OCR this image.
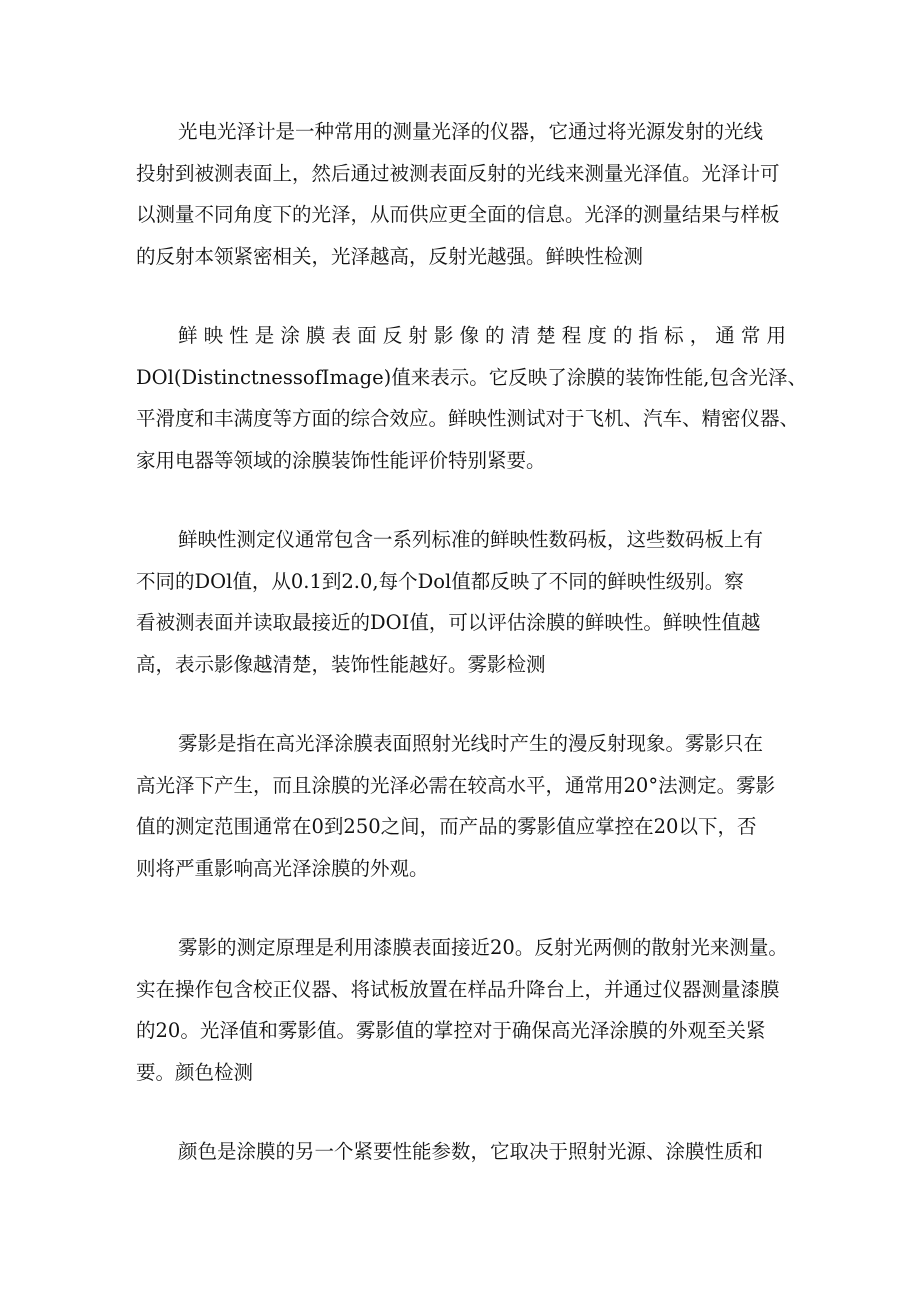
光电光泽计是一种常用的测量光泽的仪器，它通过将光源发射的光线
投射到被测表面上，然后通过被测表面反射的光线来测量光泽值。光泽计可
以测量不同角度下的光泽，从而供应更全面的信息。光泽的测量结果与样板
的反射本领紧密相关，光泽越高，反射光越强。鲜映性检测
鲜映性是涂膜表面反射影像的清楚程度的指标，通常用
DOl(DistinctnessofImage)值来表示。它反映了涂膜的装饰性能,包含光泽、
平滑度和丰满度等方面的综合效应。鲜映性测试对于飞机、汽车、精密仪器、
家用电器等领域的涂膜装饰性能评价特别紧要。
鲜映性测定仪通常包含一系列标准的鲜映性数码板，这些数码板上有
不同的DOl值，从0.1到2.0,每个Dol值都反映了不同的鲜映性级别。察
看被测表面并读取最接近的DOI值，可以评估涂膜的鲜映性。鲜映性值越
高，表示影像越清楚，装饰性能越好。雾影检测
雾影是指在高光泽涂膜表面照射光线时产生的漫反射现象。雾影只在
高光泽下产生，而且涂膜的光泽必需在较高水平，通常用20°法测定。雾影
值的测定范围通常在0到250之间，而产品的雾影值应掌控在20以下，否
则将严重影响高光泽涂膜的外观。
雾影的测定原理是利用漆膜表面接近20。反射光两侧的散射光来测量。
实在操作包含校正仪器、将试板放置在样品升降台上，并通过仪器测量漆膜
的20。光泽值和雾影值。雾影值的掌控对于确保高光泽涂膜的外观至关紧
要。颜色检测
颜色是涂膜的另一个紧要性能参数，它取决于照射光源、涂膜性质和
